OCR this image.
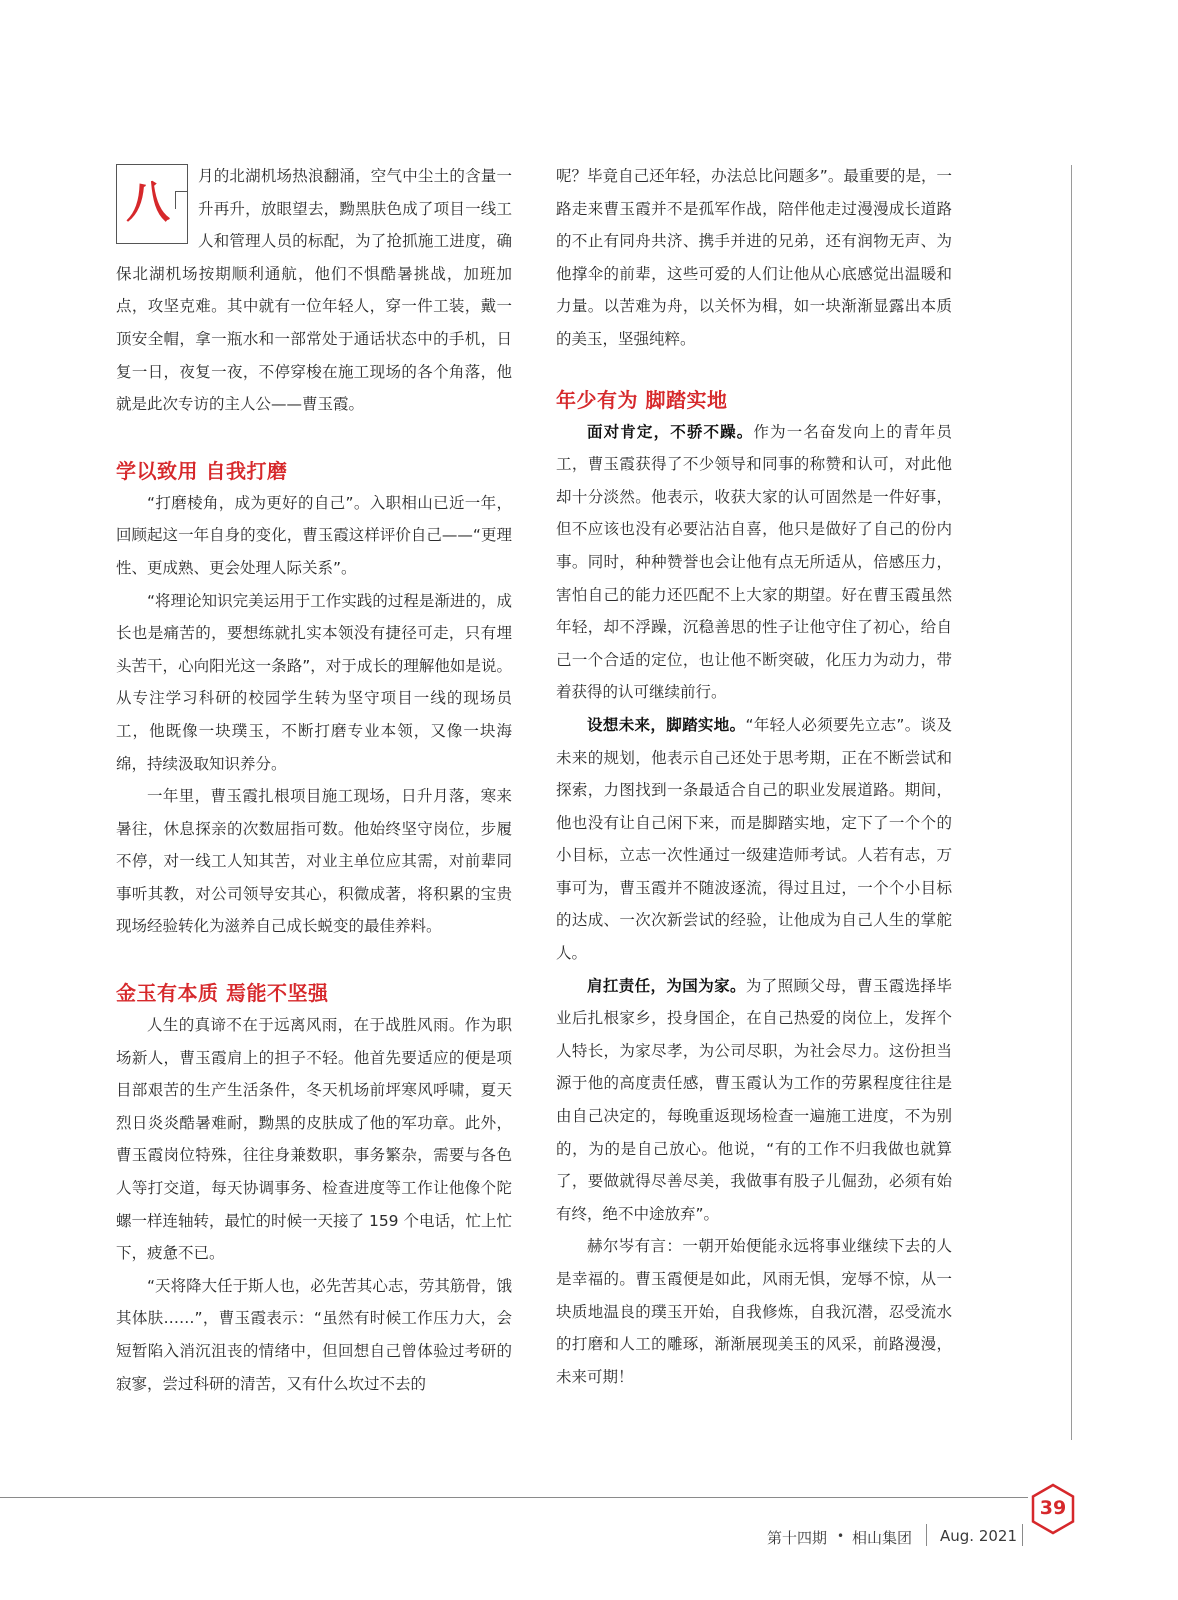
八

月的北湖机场热浪翻涌，空气中尘土的含量一升再升，放眼望去，黝黑肤色成了项目一线工人和管理人员的标配，为了抢抓施工进度，确保北湖机场按期顺利通航，他们不惧酷暑挑战，加班加点，攻坚克难。其中就有一位年轻人，穿一件工装，戴一顶安全帽，拿一瓶水和一部常处于通话状态中的手机，日复一日，夜复一夜，不停穿梭在施工现场的各个角落，他就是此次专访的主人公——曹玉霞。

学以致用 自我打磨

“打磨棱角，成为更好的自己”。入职相山已近一年，回顾起这一年自身的变化，曹玉霞这样评价自己——“更理性、更成熟、更会处理人际关系”。

“将理论知识完美运用于工作实践的过程是渐进的，成长也是痛苦的，要想练就扎实本领没有捷径可走，只有埋头苦干，心向阳光这一条路”，对于成长的理解他如是说。从专注学习科研的校园学生转为坚守项目一线的现场员工，他既像一块璞玉，不断打磨专业本领，又像一块海绵，持续汲取知识养分。

一年里，曹玉霞扎根项目施工现场，日升月落，寒来暑往，休息探亲的次数屈指可数。他始终坚守岗位，步履不停，对一线工人知其苦，对业主单位应其需，对前辈同事听其教，对公司领导安其心，积微成著，将积累的宝贵现场经验转化为滋养自己成长蜕变的最佳养料。

金玉有本质 焉能不坚强

人生的真谛不在于远离风雨，在于战胜风雨。作为职场新人，曹玉霞肩上的担子不轻。他首先要适应的便是项目部艰苦的生产生活条件，冬天机场前坪寒风呼啸，夏天烈日炎炎酷暑难耐，黝黑的皮肤成了他的军功章。此外，曹玉霞岗位特殊，往往身兼数职，事务繁杂，需要与各色人等打交道，每天协调事务、检查进度等工作让他像个陀螺一样连轴转，最忙的时候一天接了 159 个电话，忙上忙下，疲惫不已。

“天将降大任于斯人也，必先苦其心志，劳其筋骨，饿其体肤……”，曹玉霞表示：“虽然有时候工作压力大，会短暂陷入消沉沮丧的情绪中，但回想自己曾体验过考研的寂寥，尝过科研的清苦，又有什么坎过不去的

呢？毕竟自己还年轻，办法总比问题多”。最重要的是，一路走来曹玉霞并不是孤军作战，陪伴他走过漫漫成长道路的不止有同舟共济、携手并进的兄弟，还有润物无声、为他撑伞的前辈，这些可爱的人们让他从心底感觉出温暖和力量。以苦难为舟，以关怀为楫，如一块渐渐显露出本质的美玉，坚强纯粹。

年少有为 脚踏实地

面对肯定，不骄不躁。作为一名奋发向上的青年员工，曹玉霞获得了不少领导和同事的称赞和认可，对此他却十分淡然。他表示，收获大家的认可固然是一件好事，但不应该也没有必要沾沾自喜，他只是做好了自己的份内事。同时，种种赞誉也会让他有点无所适从，倍感压力，害怕自己的能力还匹配不上大家的期望。好在曹玉霞虽然年轻，却不浮躁，沉稳善思的性子让他守住了初心，给自己一个合适的定位，也让他不断突破，化压力为动力，带着获得的认可继续前行。

设想未来，脚踏实地。“年轻人必须要先立志”。谈及未来的规划，他表示自己还处于思考期，正在不断尝试和探索，力图找到一条最适合自己的职业发展道路。期间，他也没有让自己闲下来，而是脚踏实地，定下了一个个的小目标，立志一次性通过一级建造师考试。人若有志，万事可为，曹玉霞并不随波逐流，得过且过，一个个小目标的达成、一次次新尝试的经验，让他成为自己人生的掌舵人。

肩扛责任，为国为家。为了照顾父母，曹玉霞选择毕业后扎根家乡，投身国企，在自己热爱的岗位上，发挥个人特长，为家尽孝，为公司尽职，为社会尽力。这份担当源于他的高度责任感，曹玉霞认为工作的劳累程度往往是由自己决定的，每晚重返现场检查一遍施工进度，不为别的，为的是自己放心。他说，“有的工作不归我做也就算了，要做就得尽善尽美，我做事有股子儿倔劲，必须有始有终，绝不中途放弃”。

赫尔岑有言：一朝开始便能永远将事业继续下去的人是幸福的。曹玉霞便是如此，风雨无惧，宠辱不惊，从一块质地温良的璞玉开始，自我修炼，自我沉潜，忍受流水的打磨和人工的雕琢，渐渐展现美玉的风采，前路漫漫，未来可期！

第十四期 • 相山集团 Aug. 2021
39
